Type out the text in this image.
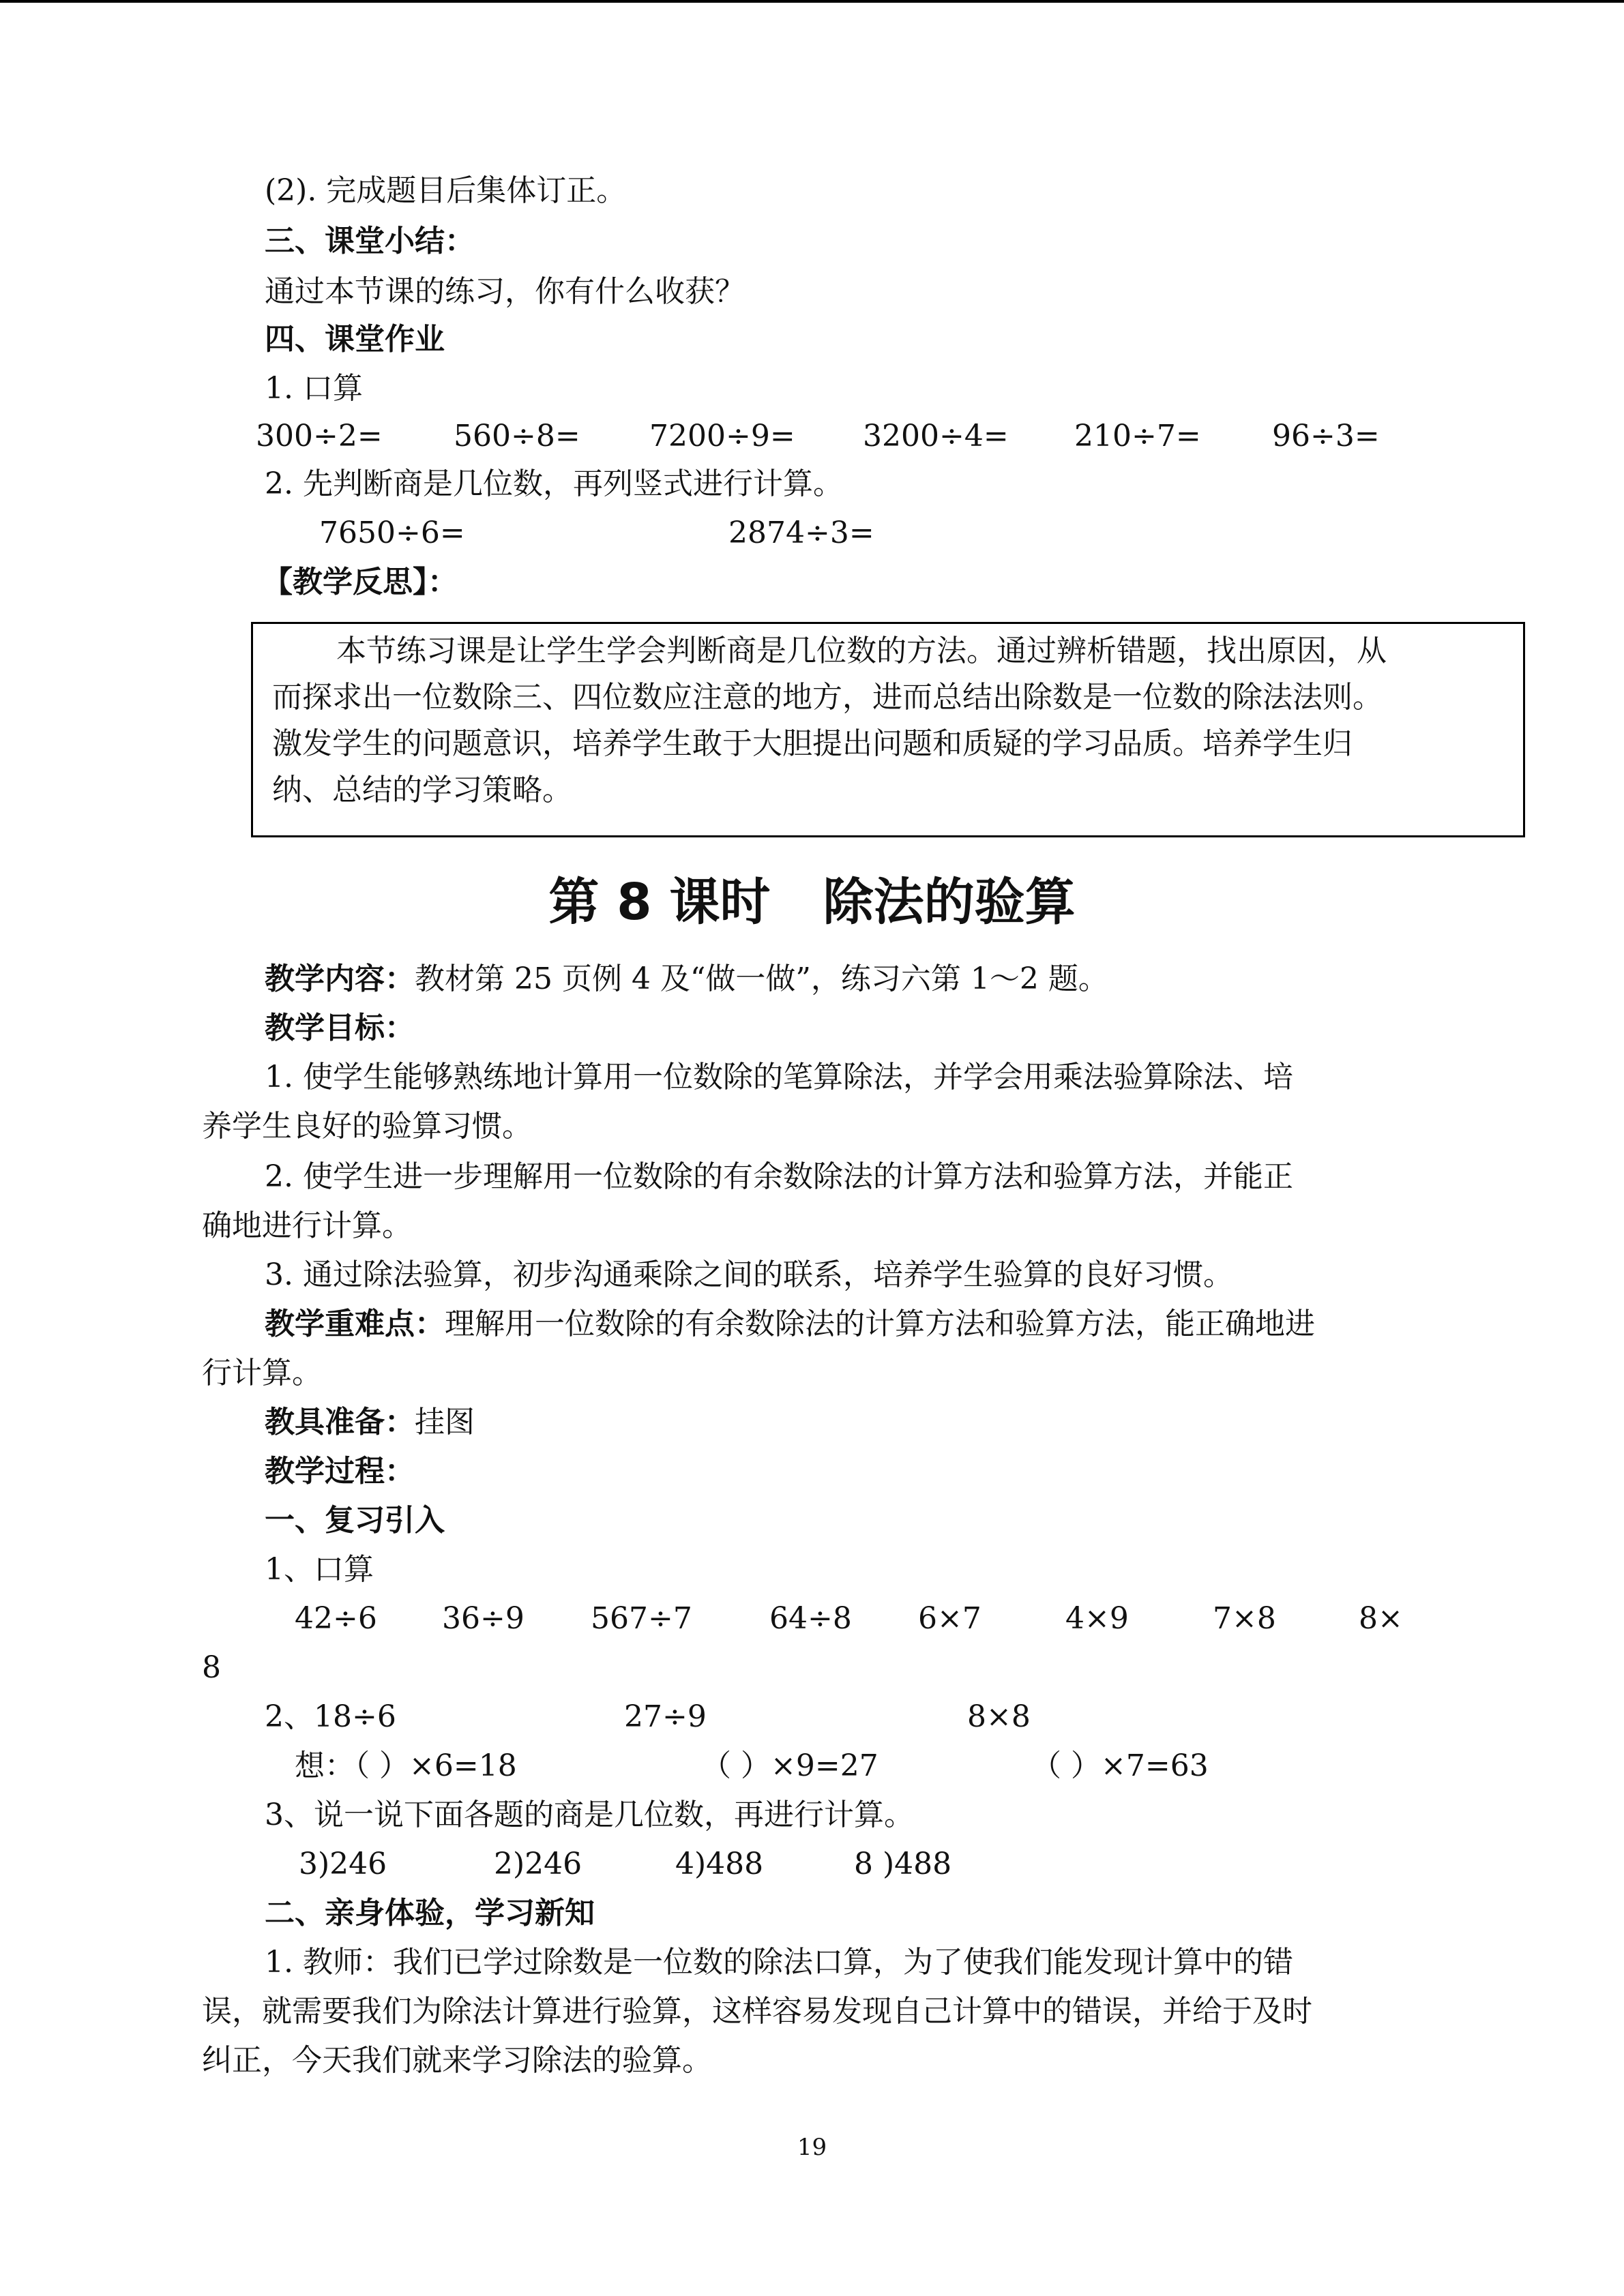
(2). 完成题目后集体订正。
三、课堂小结：
通过本节课的练习，你有什么收获？
四、课堂作业
1. 口算
300÷2= 560÷8= 7200÷9= 3200÷4= 210÷7= 96÷3=
2. 先判断商是几位数，再列竖式进行计算。
7650÷6=	2874÷3=
【教学反思】：
本节练习课是让学生学会判断商是几位数的方法。通过辨析错题，找出原因，从
而探求出一位数除三、四位数应注意的地方，进而总结出除数是一位数的除法法则。
激发学生的问题意识，培养学生敢于大胆提出问题和质疑的学习品质。培养学生归
纳、总结的学习策略。
第 8 课时   除法的验算
教学内容：教材第 25 页例 4 及“做一做”，练习六第 1～2 题。
教学目标：
1. 使学生能够熟练地计算用一位数除的笔算除法，并学会用乘法验算除法、培
养学生良好的验算习惯。
2. 使学生进一步理解用一位数除的有余数除法的计算方法和验算方法，并能正
确地进行计算。
3. 通过除法验算，初步沟通乘除之间的联系，培养学生验算的良好习惯。
教学重难点：理解用一位数除的有余数除法的计算方法和验算方法，能正确地进
行计算。
教具准备：挂图
教学过程：
一、复习引入
1、口算
42÷6 36÷9 567÷7	64÷8 6×7	4×9	7×8	8×
8
2、18÷6	27÷9	8×8
想：（ ）×6=18	（ ）×9=27	（ ）×7=63
3、说一说下面各题的商是几位数，再进行计算。
3)246	2)246	4)488	8 )488
二、亲身体验，学习新知
1. 教师：我们已学过除数是一位数的除法口算，为了使我们能发现计算中的错
误，就需要我们为除法计算进行验算，这样容易发现自己计算中的错误，并给于及时
纠正，今天我们就来学习除法的验算。
19
